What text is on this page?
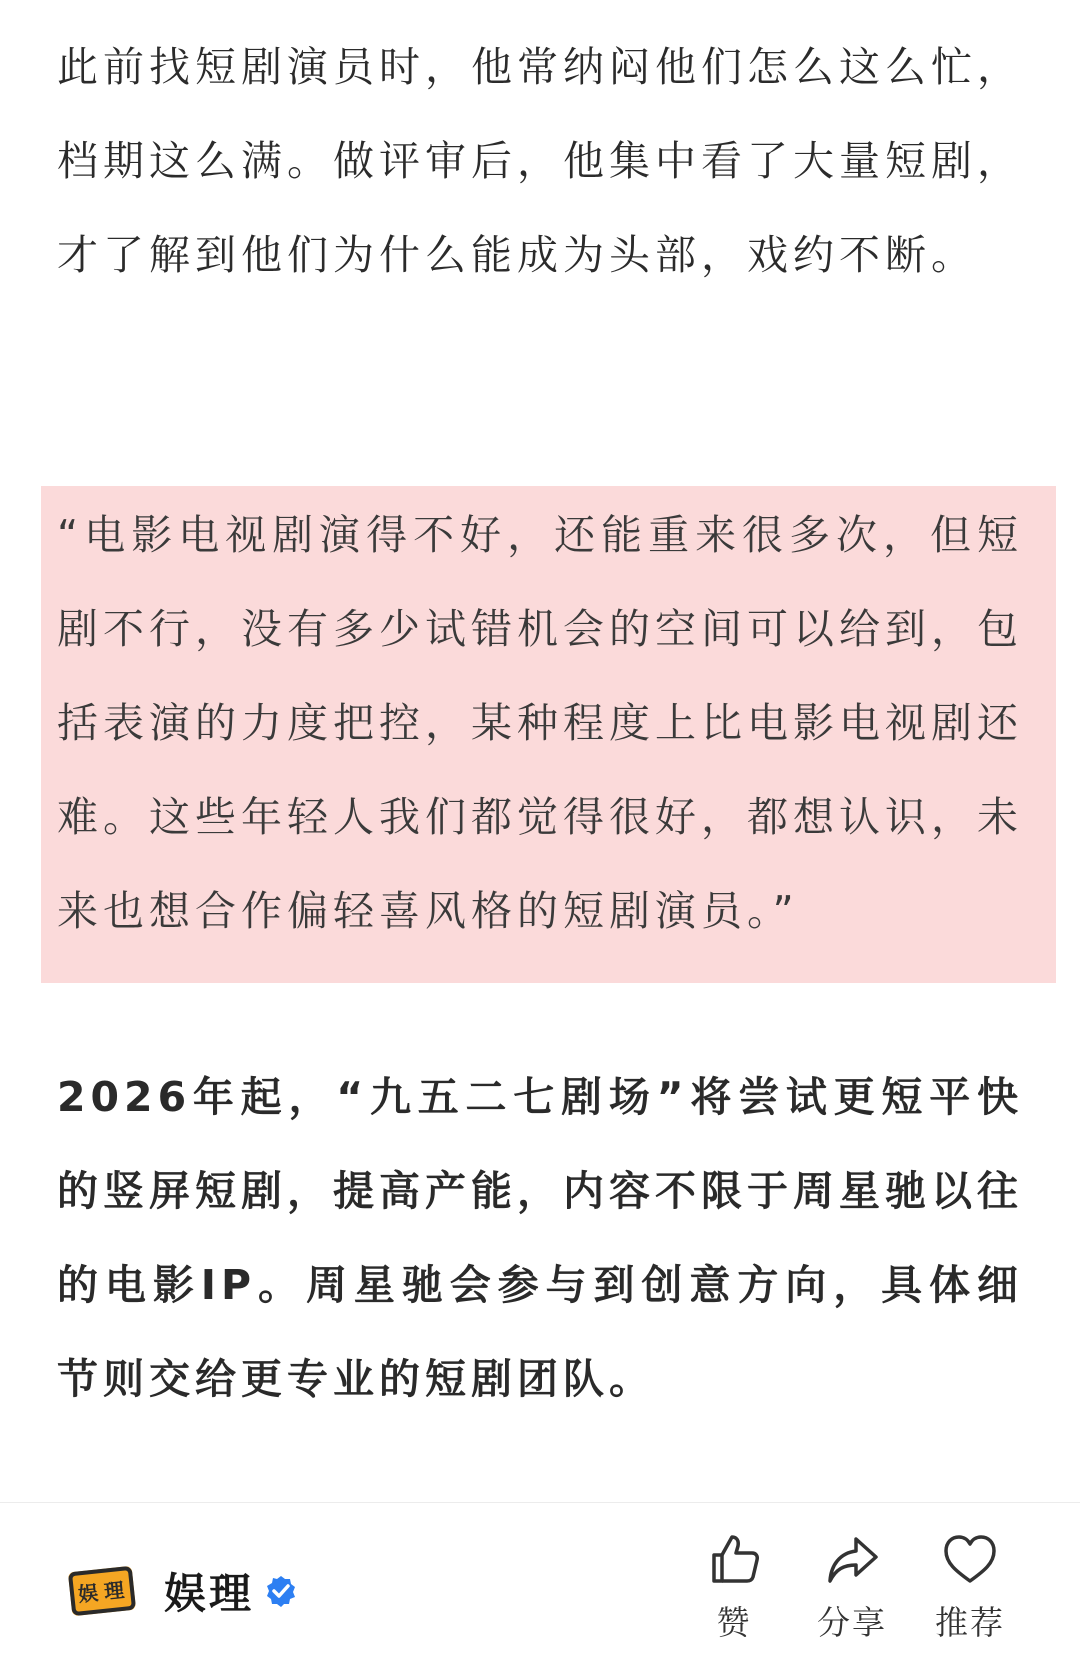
此前找短剧演员时，他常纳闷他们怎么这么忙，档期这么满。做评审后，他集中看了大量短剧，才了解到他们为什么能成为头部，戏约不断。

“电影电视剧演得不好，还能重来很多次，但短剧不行，没有多少试错机会的空间可以给到，包括表演的力度把控，某种程度上比电影电视剧还难。这些年轻人我们都觉得很好，都想认识，未来也想合作偏轻喜风格的短剧演员。”

2026年起，“九五二七剧场”将尝试更短平快的竖屏短剧，提高产能，内容不限于周星驰以往的电影IP。周星驰会参与到创意方向，具体细节则交给更专业的短剧团队。

娱 理 娱理
赞	分享	推荐
